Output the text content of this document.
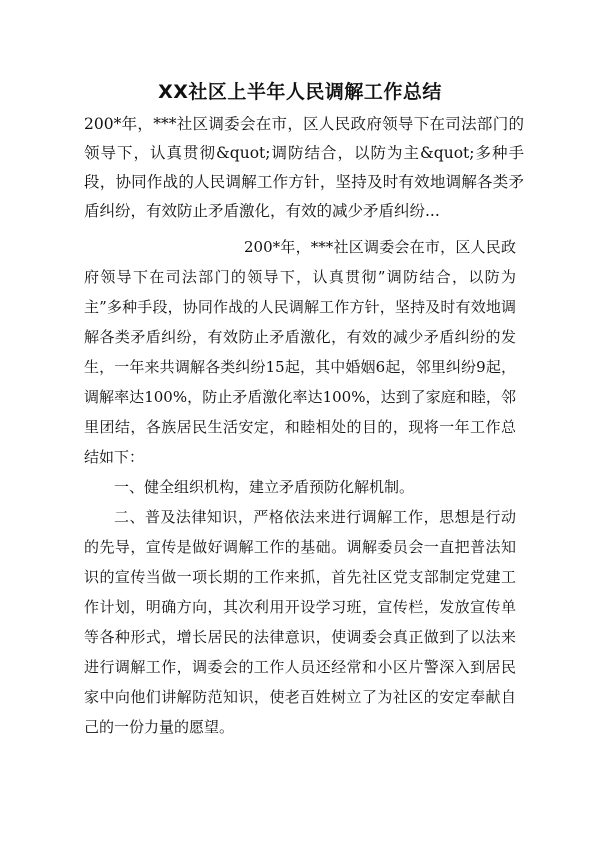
XX社区上半年人民调解工作总结

200*年，***社区调委会在市，区人民政府领导下在司法部门的领导下，认真贯彻&quot;调防结合，以防为主&quot;多种手段，协同作战的人民调解工作方针，坚持及时有效地调解各类矛盾纠纷，有效防止矛盾激化，有效的减少矛盾纠纷...

200*年，***社区调委会在市，区人民政府领导下在司法部门的领导下，认真贯彻”调防结合，以防为主”多种手段，协同作战的人民调解工作方针，坚持及时有效地调解各类矛盾纠纷，有效防止矛盾激化，有效的减少矛盾纠纷的发生，一年来共调解各类纠纷15起，其中婚姻6起，邻里纠纷9起，调解率达100%，防止矛盾激化率达100%，达到了家庭和睦，邻里团结，各族居民生活安定，和睦相处的目的，现将一年工作总结如下：

一、健全组织机构，建立矛盾预防化解机制。

二、普及法律知识，严格依法来进行调解工作，思想是行动的先导，宣传是做好调解工作的基础。调解委员会一直把普法知识的宣传当做一项长期的工作来抓，首先社区党支部制定党建工作计划，明确方向，其次利用开设学习班，宣传栏，发放宣传单等各种形式，增长居民的法律意识，使调委会真正做到了以法来进行调解工作，调委会的工作人员还经常和小区片警深入到居民家中向他们讲解防范知识，使老百姓树立了为社区的安定奉献自己的一份力量的愿望。
